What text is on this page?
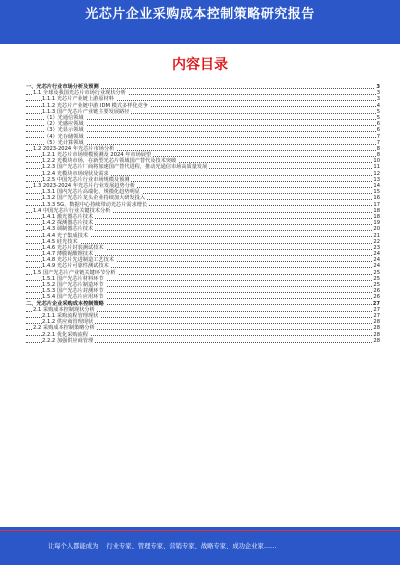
光芯片企业采购成本控制策略研究报告
内容目录
一、光芯片行业市场分析及预测	3
1.1 全球及我国光芯片市场行业现状分析	3
1.1.1 光芯片产业链上游原材料	3
1.1.2 光芯片产业链中游 IDM 模式多样化竞争	4
1.1.3 国产光芯片产业链主要发展路径	5
（1）光通信领域	5
（2）光感应领域	6
（3）光显示领域	6
（4）光存储领域	7
（5）光计算领域	7
1.2 2023-2024 年光芯片市场分析	8
1.2.1 光芯片市场规模预测及 2024 年市场展望	8
1.2.2 光模块市场，在新型光芯片领域国产替代及技术突破	10
1.2.3 国产光芯片厂商将加速国产替代进程，推动光通信市场高质量发展	11
1.2.4 光模块市场现状及需求	12
1.2.5 中国光芯片行业市场规模及预测	13
1.3 2023-2024 年光芯片行业发展趋势分析	14
1.3.1 国内光芯片高端化、规模化趋势明显	15
1.3.2 国产光芯片龙头企业持续加大研发投入	16
1.3.3 5G、数据中心持续带动光芯片需求增长	17
1.4 中国光芯片行业关键技术分析	18
1.4.1 激光器芯片技术	18
1.4.2 探测器芯片技术	19
1.4.3 调制器芯片技术	20
1.4.4 光子集成技术	21
1.4.5 硅光技术	22
1.4.6 光芯片封装测试技术	23
1.4.7 薄膜铌酸锂技术	24
1.4.8 光芯片先进制造工艺技术	24
1.4.9 光芯片可靠性测试技术	24
1.5 国产光芯片产业链关键环节分析	25
1.5.1 国产光芯片材料环节	25
1.5.2 国产光芯片制造环节	25
1.5.3 国产光芯片封测环节	26
1.5.4 国产光芯片应用环节	26
二、光芯片企业采购成本控制策略	27
2.1 采购成本控制现状分析	27
2.1.1 采购流程管理现状	27
2.1.2 供应商管理现状	28
2.2 采购成本控制策略分析	28
2.2.1 优化采购流程	28
2.2.2 加强供应商管理	28
让每个人都能成为 行业专家、管理专家、营销专家、战略专家、成功企业家……
